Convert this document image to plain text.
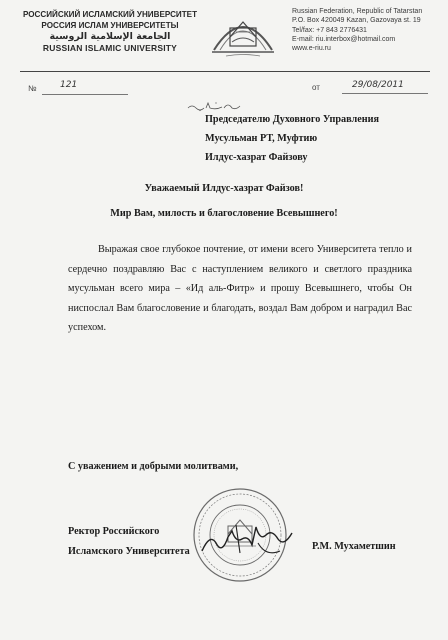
РОССИЙСКИЙ ИСЛАМСКИЙ УНИВЕРСИТЕТ
РОССИЯ ИСЛАМ УНИВЕРСИТЕТЫ
الجامعة الإسلامية الروسية
RUSSIAN ISLAMIC UNIVERSITY
Russian Federation, Republic of Tatarstan
P.O. Box 420049 Kazan, Gazovaya st. 19
Tel/fax: +7 843 2776431
E-mail: riu.interbox@hotmail.com
www.e-riu.ru
№	121	от	29/08/2011
Председателю Духовного Управления
Мусульман РТ, Муфтию
Илдус-хазрат Файзову
Уважаемый Илдус-хазрат Файзов!
Мир Вам, милость и благословение Всевышнего!
Выражая свое глубокое почтение, от имени всего Университета тепло и сердечно поздравляю Вас с наступлением великого и светлого праздника мусульман всего мира – «Ид аль-Фитр» и прошу Всевышнего, чтобы Он ниспослал Вам благословение и благодать, воздал Вам добром и наградил Вас успехом.
С уважением и добрыми молитвами,
Ректор Российского
Исламского Университета	Р.М. Мухаметшин
